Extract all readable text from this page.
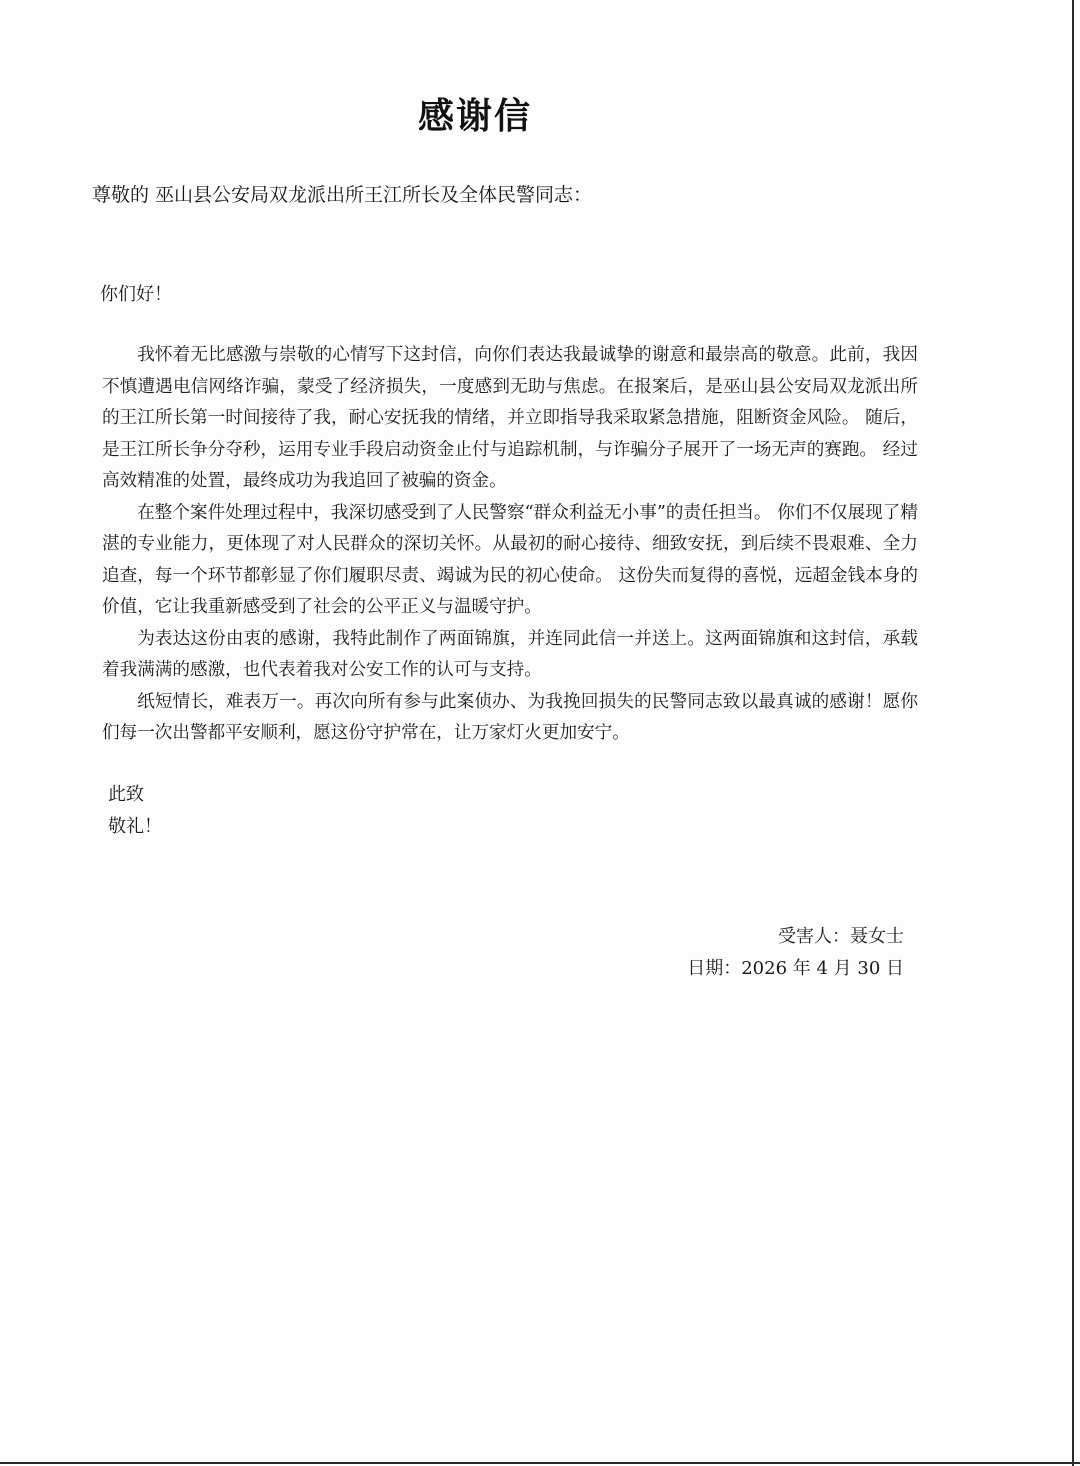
感谢信
尊敬的 巫山县公安局双龙派出所王江所长及全体民警同志：
你们好！

我怀着无比感激与崇敬的心情写下这封信，向你们表达我最诚挚的谢意和最崇高的敬意。此前，我因不慎遭遇电信网络诈骗，蒙受了经济损失，一度感到无助与焦虑。在报案后，是巫山县公安局双龙派出所的王江所长第一时间接待了我，耐心安抚我的情绪，并立即指导我采取紧急措施，阻断资金风险。 随后，是王江所长争分夺秒，运用专业手段启动资金止付与追踪机制，与诈骗分子展开了一场无声的赛跑。 经过高效精准的处置，最终成功为我追回了被骗的资金。

在整个案件处理过程中，我深切感受到了人民警察“群众利益无小事”的责任担当。 你们不仅展现了精湛的专业能力，更体现了对人民群众的深切关怀。从最初的耐心接待、细致安抚，到后续不畏艰难、全力追查，每一个环节都彰显了你们履职尽责、竭诚为民的初心使命。 这份失而复得的喜悦，远超金钱本身的价值，它让我重新感受到了社会的公平正义与温暖守护。

为表达这份由衷的感谢，我特此制作了两面锦旗，并连同此信一并送上。这两面锦旗和这封信，承载着我满满的感激，也代表着我对公安工作的认可与支持。

纸短情长，难表万一。再次向所有参与此案侦办、为我挽回损失的民警同志致以最真诚的感谢！愿你们每一次出警都平安顺利，愿这份守护常在，让万家灯火更加安宁。

此致
敬礼！
受害人：聂女士
日期：2026 年 4 月 30 日
